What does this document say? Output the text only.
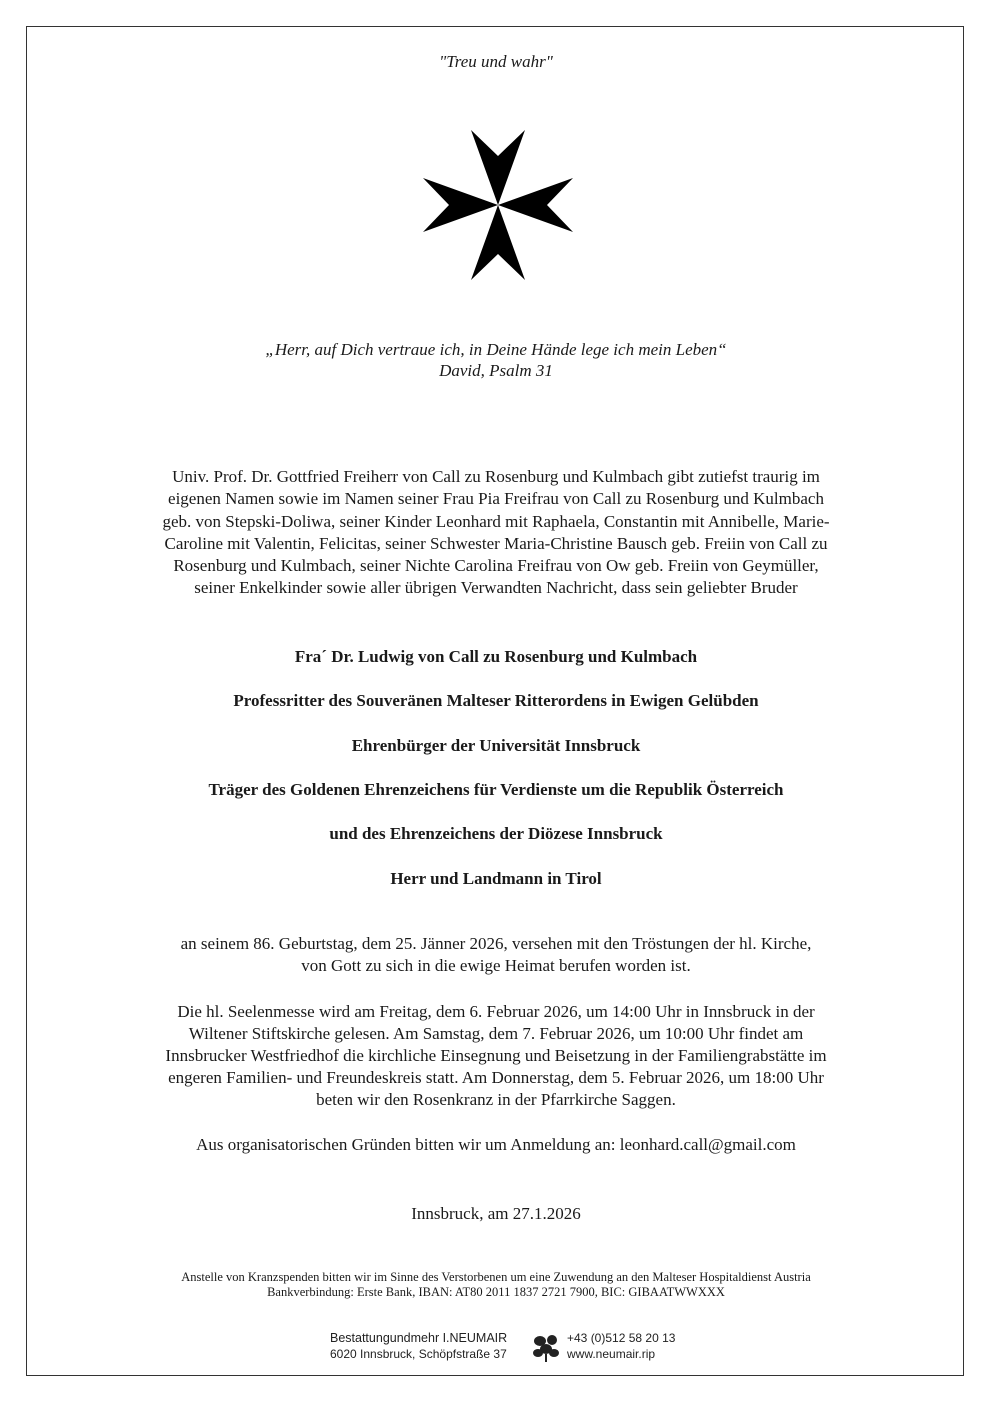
"Treu und wahr"
„Herr, auf Dich vertraue ich, in Deine Hände lege ich mein Leben“
David, Psalm 31
Univ. Prof. Dr. Gottfried Freiherr von Call zu Rosenburg und Kulmbach gibt zutiefst traurig im
eigenen Namen sowie im Namen seiner Frau Pia Freifrau von Call zu Rosenburg und Kulmbach
geb. von Stepski-Doliwa, seiner Kinder Leonhard mit Raphaela, Constantin mit Annibelle, Marie-
Caroline mit Valentin, Felicitas, seiner Schwester Maria-Christine Bausch geb. Freiin von Call zu
Rosenburg und Kulmbach, seiner Nichte Carolina Freifrau von Ow geb. Freiin von Geymüller,
seiner Enkelkinder sowie aller übrigen Verwandten Nachricht, dass sein geliebter Bruder
Fra´ Dr. Ludwig von Call zu Rosenburg und Kulmbach
Professritter des Souveränen Malteser Ritterordens in Ewigen Gelübden
Ehrenbürger der Universität Innsbruck
Träger des Goldenen Ehrenzeichens für Verdienste um die Republik Österreich
und des Ehrenzeichens der Diözese Innsbruck
Herr und Landmann in Tirol
an seinem 86. Geburtstag, dem 25. Jänner 2026, versehen mit den Tröstungen der hl. Kirche,
von Gott zu sich in die ewige Heimat berufen worden ist.
Die hl. Seelenmesse wird am Freitag, dem 6. Februar 2026, um 14:00 Uhr in Innsbruck in der
Wiltener Stiftskirche gelesen. Am Samstag, dem 7. Februar 2026, um 10:00 Uhr findet am
Innsbrucker Westfriedhof die kirchliche Einsegnung und Beisetzung in der Familiengrabstätte im
engeren Familien- und Freundeskreis statt. Am Donnerstag, dem 5. Februar 2026, um 18:00 Uhr
beten wir den Rosenkranz in der Pfarrkirche Saggen.
Aus organisatorischen Gründen bitten wir um Anmeldung an: leonhard.call@gmail.com
Innsbruck, am 27.1.2026
Anstelle von Kranzspenden bitten wir im Sinne des Verstorbenen um eine Zuwendung an den Malteser Hospitaldienst Austria
Bankverbindung: Erste Bank, IBAN: AT80 2011 1837 2721 7900, BIC: GIBAATWWXXX
Bestattungundmehr I.NEUMAIR
6020 Innsbruck, Schöpfstraße 37
+43 (0)512 58 20 13
www.neumair.rip
